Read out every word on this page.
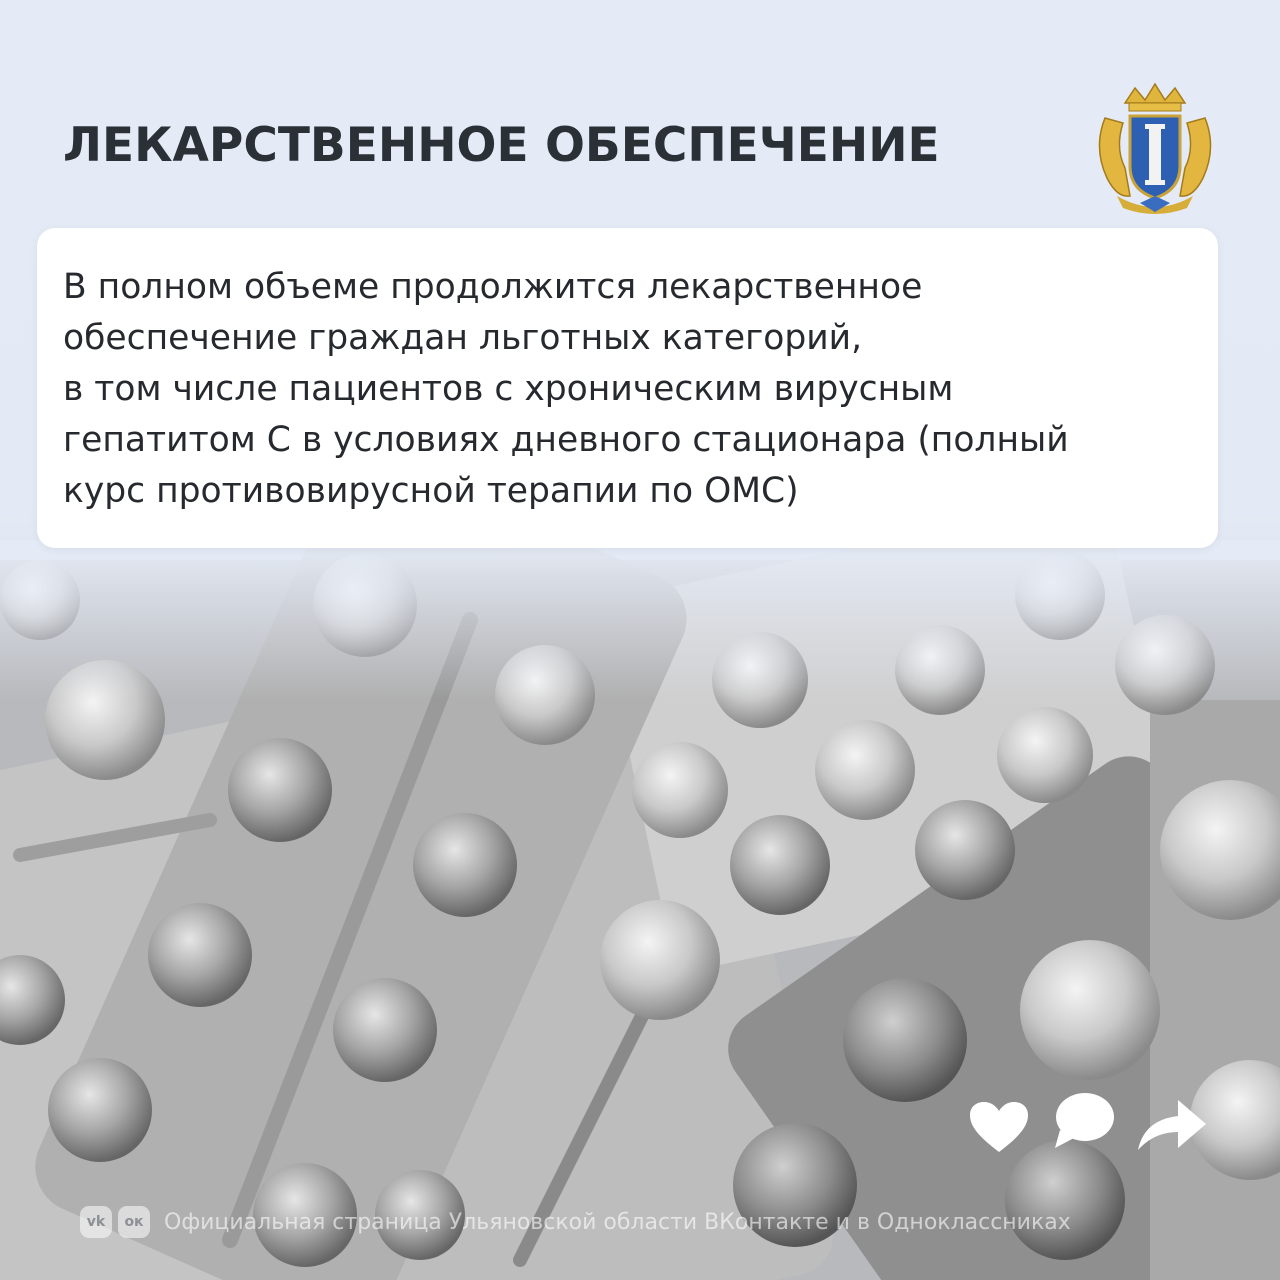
ЛЕКАРСТВЕННОЕ ОБЕСПЕЧЕНИЕ

В полном объеме продолжится лекарственное
обеспечение граждан льготных категорий,
в том числе пациентов с хроническим вирусным
гепатитом С в условиях дневного стационара (полный
курс противовирусной терапии по ОМС)

vk	ок Официальная страница Ульяновской области ВКонтакте и в Одноклассниках
